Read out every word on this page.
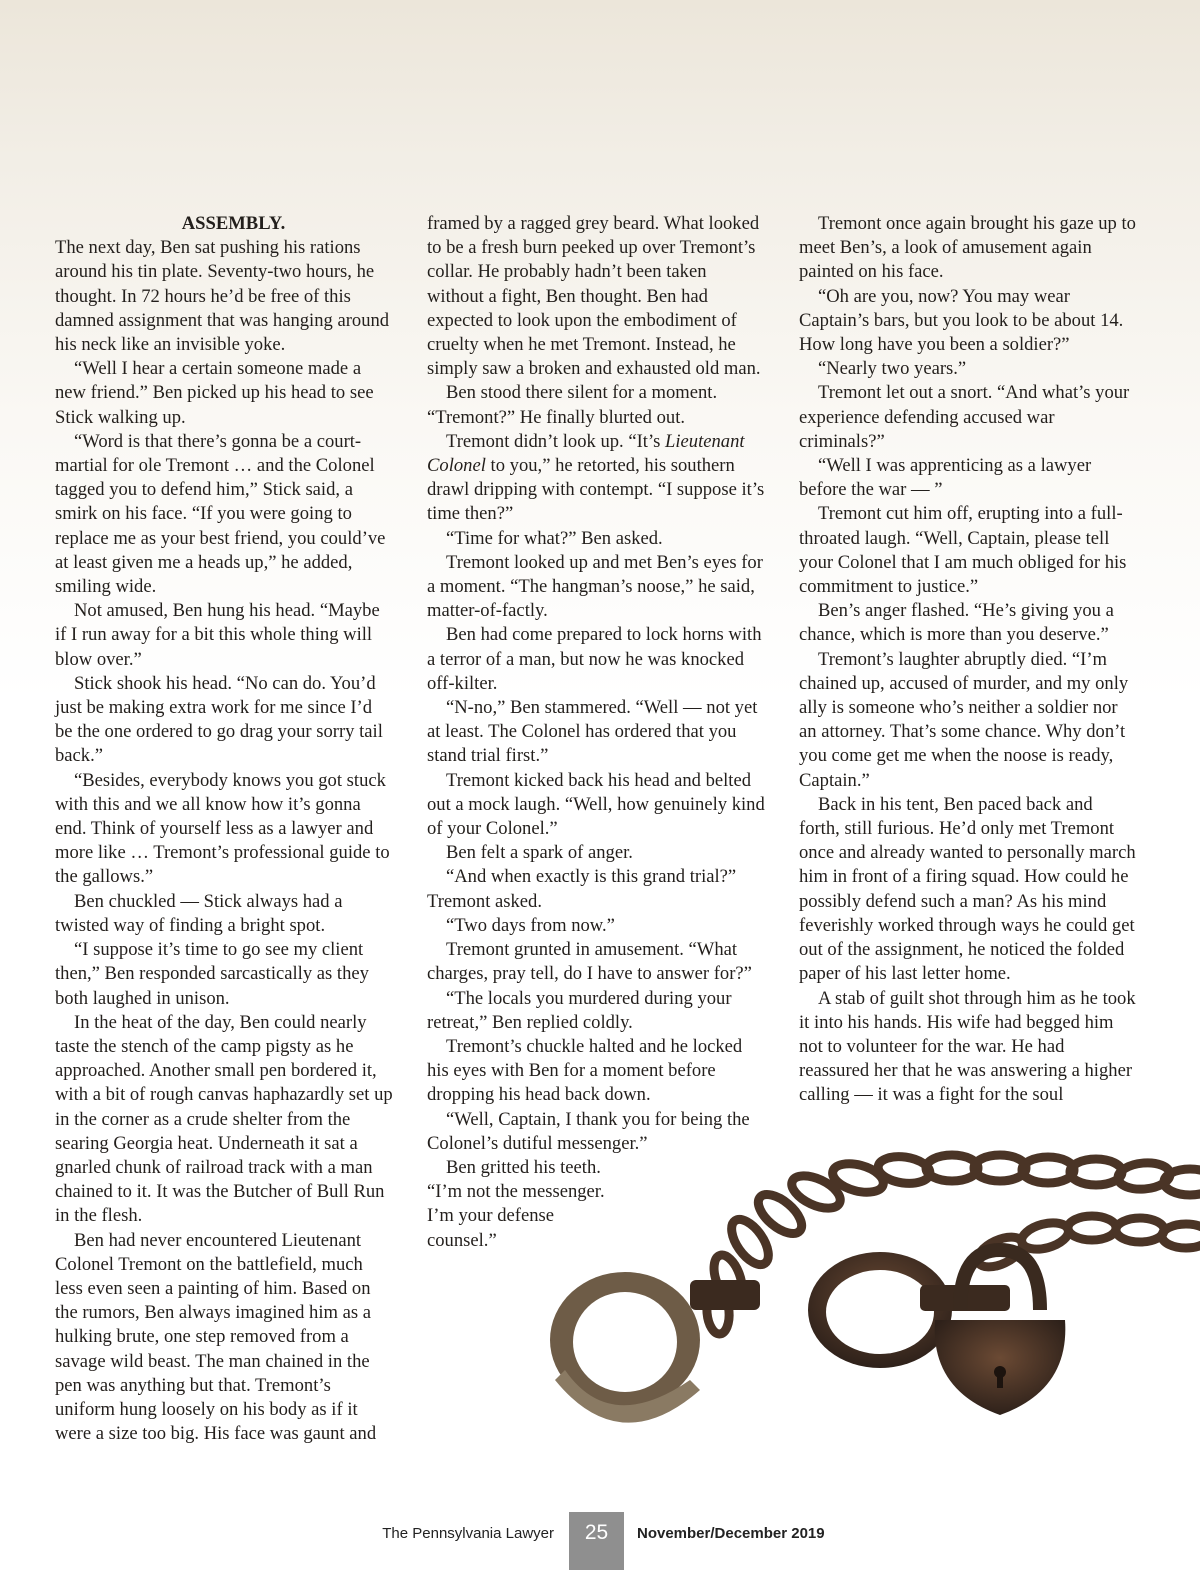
ASSEMBLY.

The next day, Ben sat pushing his rations around his tin plate. Seventy-two hours, he thought. In 72 hours he’d be free of this damned assignment that was hanging around his neck like an invisible yoke.

“Well I hear a certain someone made a new friend.” Ben picked up his head to see Stick walking up.

“Word is that there’s gonna be a court-martial for ole Tremont … and the Colonel tagged you to defend him,” Stick said, a smirk on his face. “If you were going to replace me as your best friend, you could’ve at least given me a heads up,” he added, smiling wide.

Not amused, Ben hung his head. “Maybe if I run away for a bit this whole thing will blow over.”

Stick shook his head. “No can do. You’d just be making extra work for me since I’d be the one ordered to go drag your sorry tail back.”

“Besides, everybody knows you got stuck with this and we all know how it’s gonna end. Think of yourself less as a lawyer and more like … Tremont’s professional guide to the gallows.”

Ben chuckled — Stick always had a twisted way of finding a bright spot.

“I suppose it’s time to go see my client then,” Ben responded sarcastically as they both laughed in unison.

In the heat of the day, Ben could nearly taste the stench of the camp pigsty as he approached. Another small pen bordered it, with a bit of rough canvas haphazardly set up in the corner as a crude shelter from the searing Georgia heat. Underneath it sat a gnarled chunk of railroad track with a man chained to it. It was the Butcher of Bull Run in the flesh.

Ben had never encountered Lieutenant Colonel Tremont on the battlefield, much less even seen a painting of him. Based on the rumors, Ben always imagined him as a hulking brute, one step removed from a savage wild beast. The man chained in the pen was anything but that. Tremont’s uniform hung loosely on his body as if it were a size too big. His face was gaunt and

framed by a ragged grey beard. What looked to be a fresh burn peeked up over Tremont’s collar. He probably hadn’t been taken without a fight, Ben thought. Ben had expected to look upon the embodiment of cruelty when he met Tremont. Instead, he simply saw a broken and exhausted old man.

Ben stood there silent for a moment. “Tremont?” He finally blurted out.

Tremont didn’t look up. “It’s Lieutenant Colonel to you,” he retorted, his southern drawl dripping with contempt. “I suppose it’s time then?”

“Time for what?” Ben asked.

Tremont looked up and met Ben’s eyes for a moment. “The hangman’s noose,” he said, matter-of-factly.

Ben had come prepared to lock horns with a terror of a man, but now he was knocked off-kilter.

“N-no,” Ben stammered. “Well — not yet at least. The Colonel has ordered that you stand trial first.”

Tremont kicked back his head and belted out a mock laugh. “Well, how genuinely kind of your Colonel.”

Ben felt a spark of anger.

“And when exactly is this grand trial?” Tremont asked.

“Two days from now.”

Tremont grunted in amusement. “What charges, pray tell, do I have to answer for?”

“The locals you murdered during your retreat,” Ben replied coldly.

Tremont’s chuckle halted and he locked his eyes with Ben for a moment before dropping his head back down.

“Well, Captain, I thank you for being the Colonel’s dutiful messenger.”

Ben gritted his teeth. “I’m not the messenger. I’m your defense counsel.”

Tremont once again brought his gaze up to meet Ben’s, a look of amusement again painted on his face.

“Oh are you, now? You may wear Captain’s bars, but you look to be about 14. How long have you been a soldier?”

“Nearly two years.”

Tremont let out a snort. “And what’s your experience defending accused war criminals?”

“Well I was apprenticing as a lawyer before the war — ”

Tremont cut him off, erupting into a full-throated laugh. “Well, Captain, please tell your Colonel that I am much obliged for his commitment to justice.”

Ben’s anger flashed. “He’s giving you a chance, which is more than you deserve.”

Tremont’s laughter abruptly died. “I’m chained up, accused of murder, and my only ally is someone who’s neither a soldier nor an attorney. That’s some chance. Why don’t you come get me when the noose is ready, Captain.”

Back in his tent, Ben paced back and forth, still furious. He’d only met Tremont once and already wanted to personally march him in front of a firing squad. How could he possibly defend such a man? As his mind feverishly worked through ways he could get out of the assignment, he noticed the folded paper of his last letter home.

A stab of guilt shot through him as he took it into his hands. His wife had begged him not to volunteer for the war. He had reassured her that he was answering a higher calling — it was a fight for the soul

The Pennsylvania Lawyer	25	November/December 2019
